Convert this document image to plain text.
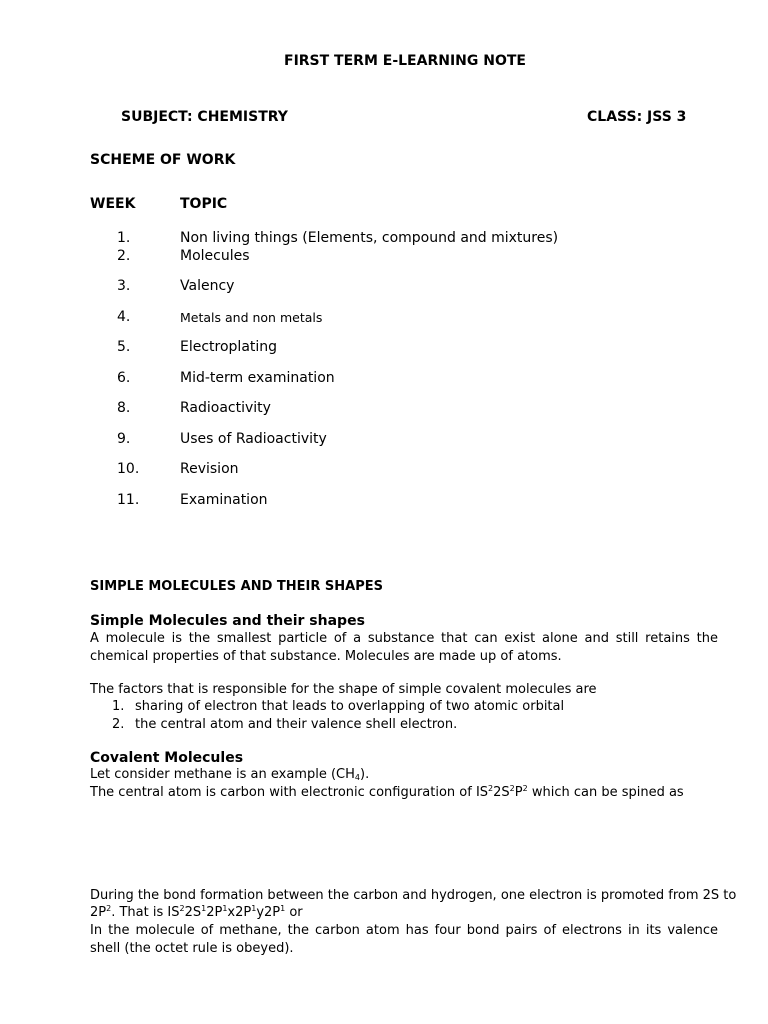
FIRST TERM E-LEARNING NOTE
SUBJECT: CHEMISTRY	CLASS: JSS 3
SCHEME OF WORK
WEEK	TOPIC
1.	Non living things (Elements, compound and mixtures)
2.	Molecules
3.	Valency
4.	Metals and non metals
5.	Electroplating
6.	Mid-term examination
8.	Radioactivity
9.	Uses of Radioactivity
10.	Revision
11.	Examination
SIMPLE MOLECULES AND THEIR SHAPES
Simple Molecules and their shapes
A molecule is the smallest particle of a substance that can exist alone and still retains the chemical properties of that substance. Molecules are made up of atoms.
The factors that is responsible for the shape of simple covalent molecules are
1. sharing of electron that leads to overlapping of two atomic orbital
2. the central atom and their valence shell electron.
Covalent Molecules
Let consider methane is an example $(CH_4)$.
The central atom is carbon with electronic configuration of $IS^22S^2P^2$ which can be spined as
During the bond formation between the carbon and hydrogen, one electron is promoted from 2S to
$2P^2$. That is $IS^22S^12P^1x2P^1y2P^1$ or
In the molecule of methane, the carbon atom has four bond pairs of electrons in its valence shell (the octet rule is obeyed).
